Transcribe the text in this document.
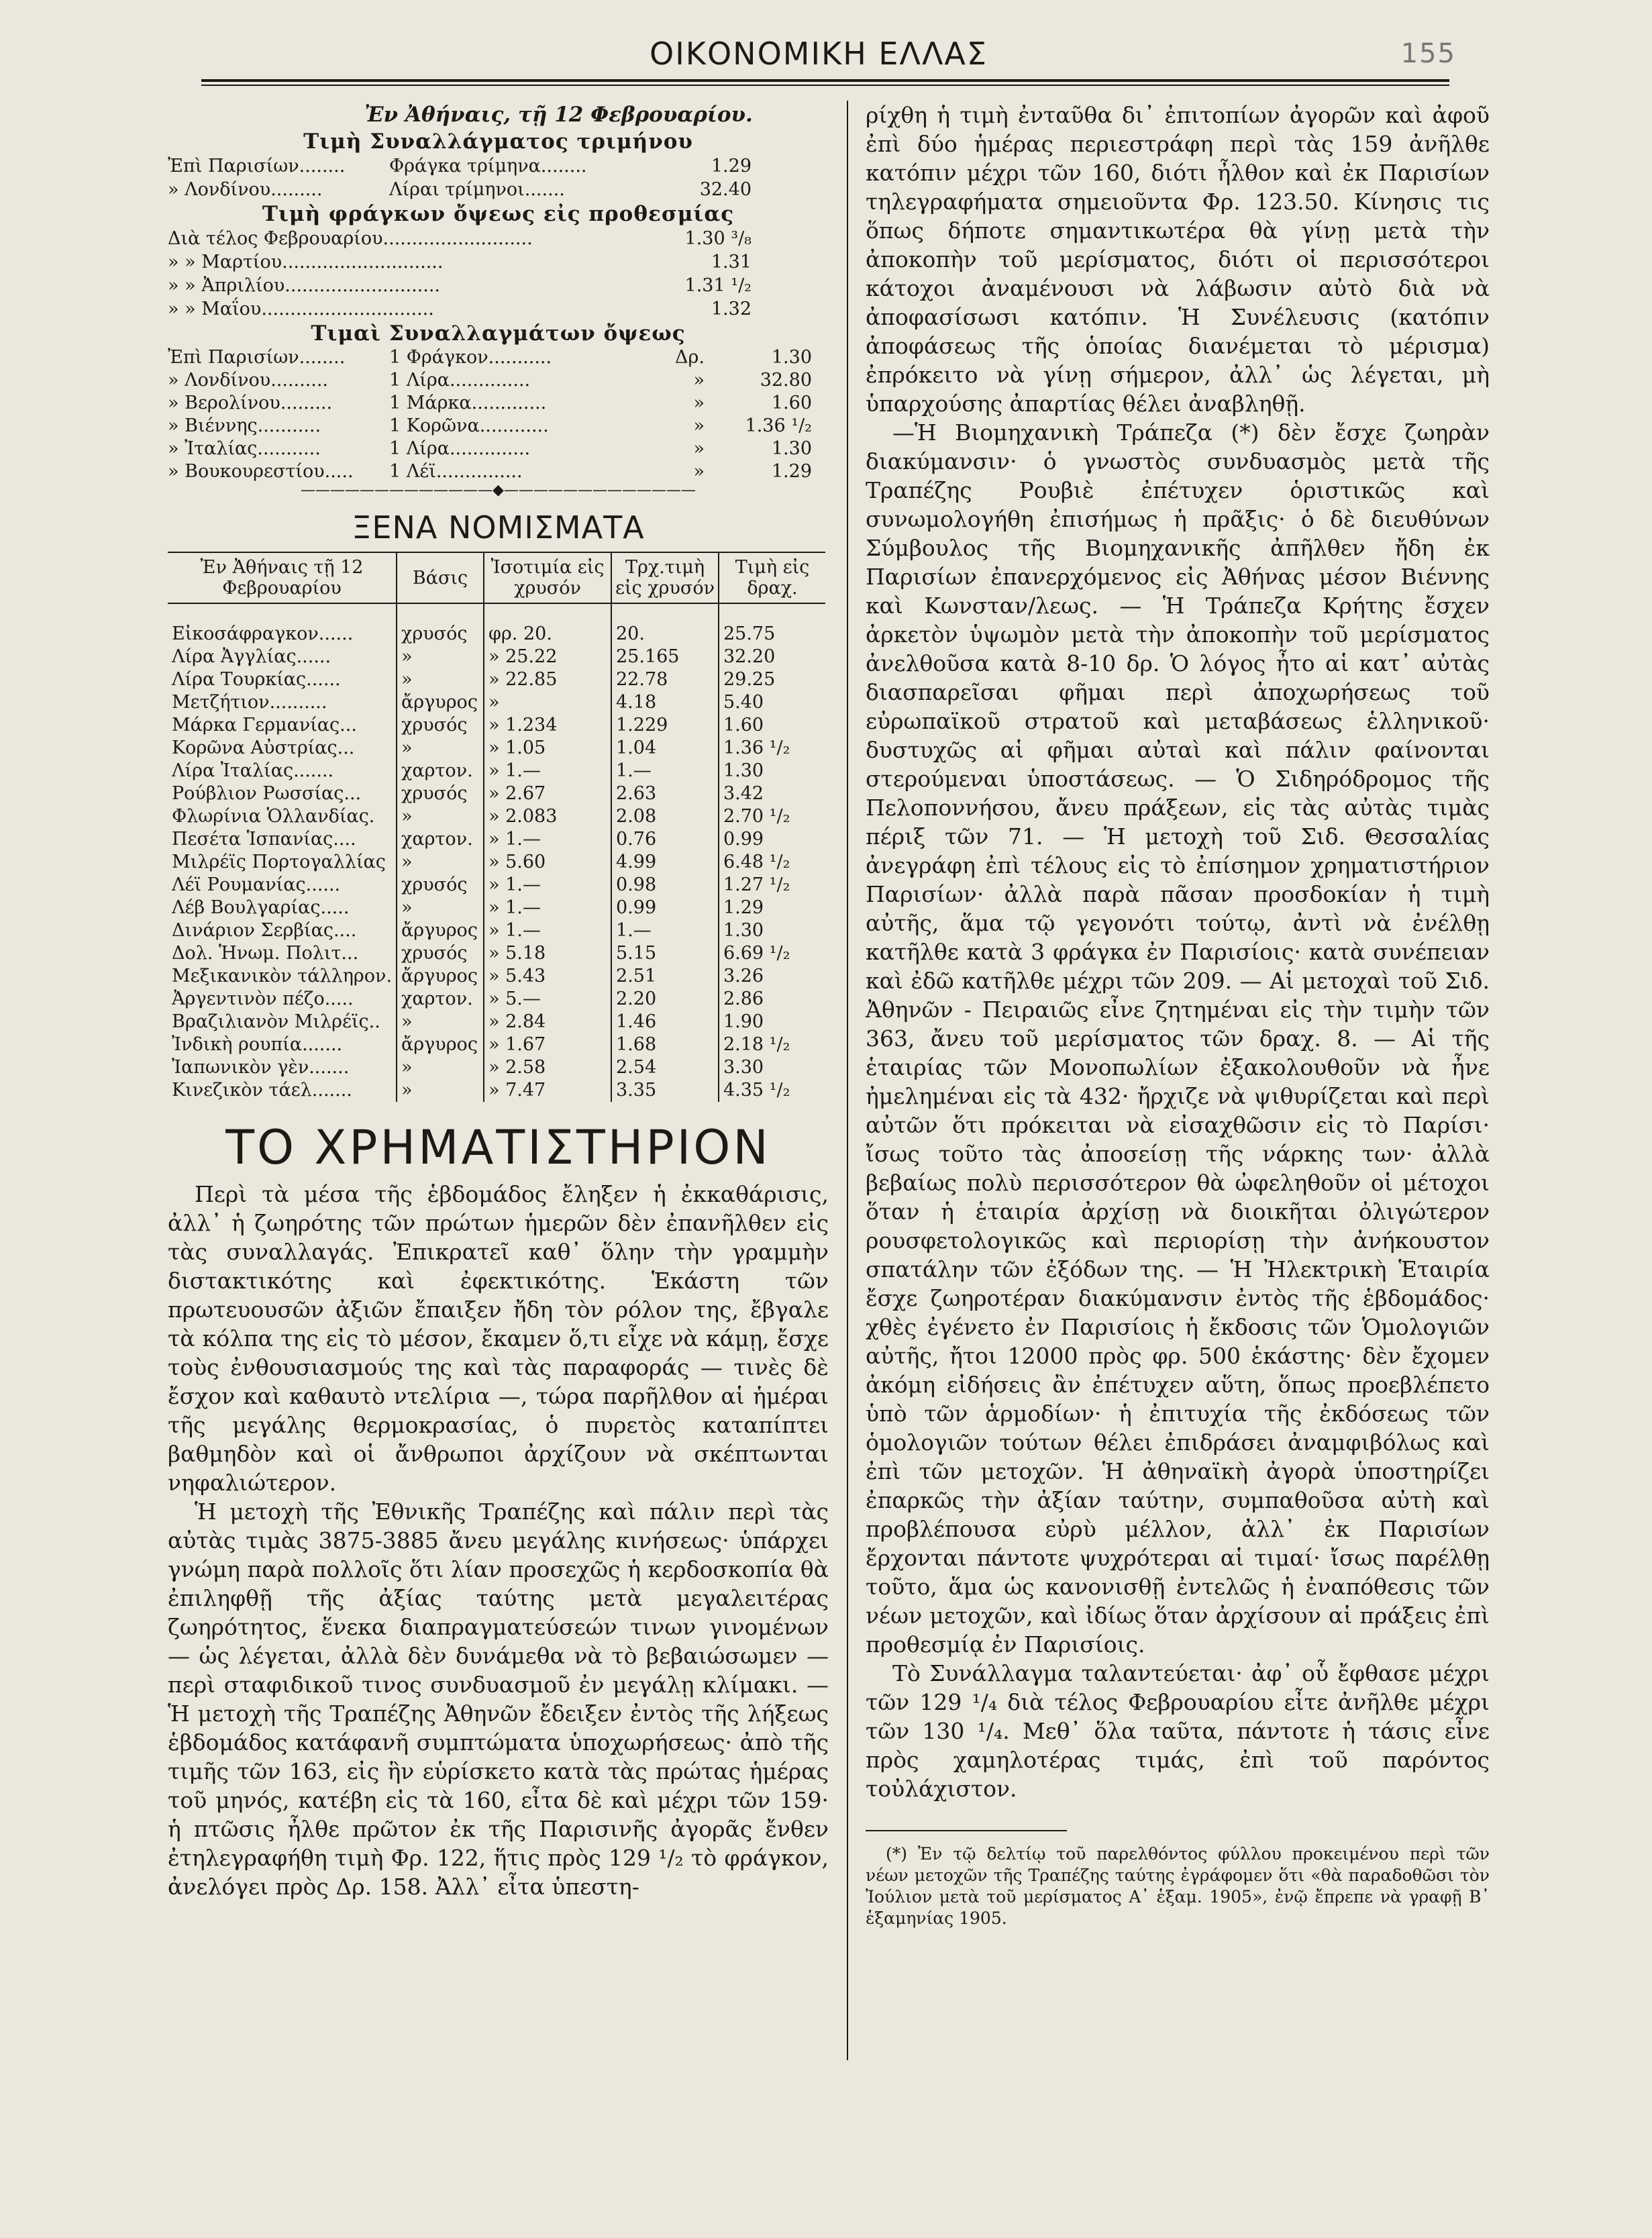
ΟΙΚΟΝΟΜΙΚΗ ΕΛΛΑΣ	155
Ἐν Ἀθήναις, τῇ 12 Φεβρουαρίου.
Τιμὴ Συναλλάγματος τριμήνου
Ἐπὶ Παρισίων........	Φράγκα τρίμηνα........	1.29
» Λονδίνου.........	Λίραι τρίμηνοι.......	32.40
Τιμὴ φράγκων ὄψεως εἰς προθεσμίας
Διὰ τέλος Φεβρουαρίου..........................	1.30 ³/₈
» » Μαρτίου............................	1.31
» » Ἀπριλίου...........................	1.31 ¹/₂
» » Μαΐου..............................	1.32
Τιμαὶ Συναλλαγμάτων ὄψεως
Ἐπὶ Παρισίων........	1 Φράγκον...........	Δρ.	1.30
» Λονδίνου..........	1 Λίρα..............	»	32.80
» Βερολίνου.........	1 Μάρκα.............	»	1.60
» Βιέννης...........	1 Κορῶνα............	»	1.36 ¹/₂
» Ἰταλίας...........	1 Λίρα..............	»	1.30
» Βουκουρεστίου.....	1 Λέϊ...............	»	1.29
—————————————◆—————————————
ΞΕΝΑ ΝΟΜΙΣΜΑΤΑ
Ἐν Ἀθήναις τῇ 12 Φεβρουαρίου	Βάσις	Ἰσοτιμία εἰς χρυσόν	Τρχ.τιμὴ εἰς χρυσόν	Τιμὴ εἰς δραχ.

Εἰκοσάφραγκον......	χρυσός	φρ. 20.	20.	25.75
Λίρα Ἀγγλίας......	»	» 25.22	25.165	32.20
Λίρα Τουρκίας......	»	» 22.85	22.78	29.25
Μετζήτιον..........	ἄργυρος	»	4.18	5.40
Μάρκα Γερμανίας...	χρυσός	» 1.234	1.229	1.60
Κορῶνα Αὐστρίας...	»	» 1.05	1.04	1.36 ¹/₂
Λίρα Ἰταλίας.......	χαρτον.	» 1.—	1.—	1.30
Ρούβλιον Ρωσσίας...	χρυσός	» 2.67	2.63	3.42
Φλωρίνια Ὁλλανδίας.	»	» 2.083	2.08	2.70 ¹/₂
Πεσέτα Ἱσπανίας....	χαρτον.	» 1.—	0.76	0.99
Μιλρέϊς Πορτογαλλίας	»	» 5.60	4.99	6.48 ¹/₂
Λέϊ Ρουμανίας......	χρυσός	» 1.—	0.98	1.27 ¹/₂
Λέβ Βουλγαρίας.....	»	» 1.—	0.99	1.29
Δινάριον Σερβίας....	ἄργυρος	» 1.—	1.—	1.30
Δολ. Ἡνωμ. Πολιτ...	χρυσός	» 5.18	5.15	6.69 ¹/₂
Μεξικανικὸν τάλληρον.	ἄργυρος	» 5.43	2.51	3.26
Ἀργεντινὸν πέζο.....	χαρτον.	» 5.—	2.20	2.86
Βραζιλιανὸν Μιλρέϊς..	»	» 2.84	1.46	1.90
Ἰνδικὴ ρουπία.......	ἄργυρος	» 1.67	1.68	2.18 ¹/₂
Ἰαπωνικὸν γὲν.......	»	» 2.58	2.54	3.30
Κινεζικὸν τάελ.......	»	» 7.47	3.35	4.35 ¹/₂
ΤΟ ΧΡΗΜΑΤΙΣΤΗΡΙΟΝ

Περὶ τὰ μέσα τῆς ἑβδομάδος ἔληξεν ἡ ἐκκαθάρισις, ἀλλ᾽ ἡ ζωηρότης τῶν πρώτων ἡμερῶν δὲν ἐπανῆλθεν εἰς τὰς συναλλαγάς. Ἐπικρατεῖ καθ᾽ ὅλην τὴν γραμμὴν διστακτικότης καὶ ἐφεκτικότης. Ἑκάστη τῶν πρωτευουσῶν ἀξιῶν ἔπαιξεν ἤδη τὸν ρόλον της, ἔβγαλε τὰ κόλπα της εἰς τὸ μέσον, ἔκαμεν ὅ,τι εἶχε νὰ κάμῃ, ἔσχε τοὺς ἐνθουσιασμούς της καὶ τὰς παραφοράς — τινὲς δὲ ἔσχον καὶ καθαυτὸ ντελίρια —, τώρα παρῆλθον αἱ ἡμέραι τῆς μεγάλης θερμοκρασίας, ὁ πυρετὸς καταπίπτει βαθμηδὸν καὶ οἱ ἄνθρωποι ἀρχίζουν νὰ σκέπτωνται νηφαλιώτερον.

Ἡ μετοχὴ τῆς Ἐθνικῆς Τραπέζης καὶ πάλιν περὶ τὰς αὐτὰς τιμὰς 3875-3885 ἄνευ μεγάλης κινήσεως· ὑπάρχει γνώμη παρὰ πολλοῖς ὅτι λίαν προσεχῶς ἡ κερδοσκοπία θὰ ἐπιληφθῇ τῆς ἀξίας ταύτης μετὰ μεγαλειτέρας ζωηρότητος, ἕνεκα διαπραγματεύσεών τινων γινομένων — ὡς λέγεται, ἀλλὰ δὲν δυνάμεθα νὰ τὸ βεβαιώσωμεν — περὶ σταφιδικοῦ τινος συνδυασμοῦ ἐν μεγάλῃ κλίμακι. — Ἡ μετοχὴ τῆς Τραπέζης Ἀθηνῶν ἔδειξεν ἐντὸς τῆς λήξεως ἑβδομάδος κατάφανῆ συμπτώματα ὑποχωρήσεως· ἀπὸ τῆς τιμῆς τῶν 163, εἰς ἣν εὑρίσκετο κατὰ τὰς πρώτας ἡμέρας τοῦ μηνός, κατέβη εἰς τὰ 160, εἶτα δὲ καὶ μέχρι τῶν 159· ἡ πτῶσις ἦλθε πρῶτον ἐκ τῆς Παρισινῆς ἀγορᾶς ἔνθεν ἐτηλεγραφήθη τιμὴ Φρ. 122, ἥτις πρὸς 129 ¹/₂ τὸ φράγκον, ἀνελόγει πρὸς Δρ. 158. Ἀλλ᾽ εἶτα ὑπεστη-

ρίχθη ἡ τιμὴ ἐνταῦθα δι᾽ ἐπιτοπίων ἀγορῶν καὶ ἀφοῦ ἐπὶ δύο ἡμέρας περιεστράφη περὶ τὰς 159 ἀνῆλθε κατόπιν μέχρι τῶν 160, διότι ἦλθον καὶ ἐκ Παρισίων τηλεγραφήματα σημειοῦντα Φρ. 123.50. Κίνησις τις ὅπως δήποτε σημαντικωτέρα θὰ γίνῃ μετὰ τὴν ἀποκοπὴν τοῦ μερίσματος, διότι οἱ περισσότεροι κάτοχοι ἀναμένουσι νὰ λάβωσιν αὐτὸ διὰ νὰ ἀποφασίσωσι κατόπιν. Ἡ Συνέλευσις (κατόπιν ἀποφάσεως τῆς ὁποίας διανέμεται τὸ μέρισμα) ἐπρόκειτο νὰ γίνῃ σήμερον, ἀλλ᾽ ὡς λέγεται, μὴ ὑπαρχούσης ἀπαρτίας θέλει ἀναβληθῇ.

—Ἡ Βιομηχανικὴ Τράπεζα (*) δὲν ἔσχε ζωηρὰν διακύμανσιν· ὁ γνωστὸς συνδυασμὸς μετὰ τῆς Τραπέζης Ρουβιὲ ἐπέτυχεν ὁριστικῶς καὶ συνωμολογήθη ἐπισήμως ἡ πρᾶξις· ὁ δὲ διευθύνων Σύμβουλος τῆς Βιομηχανικῆς ἀπῆλθεν ἤδη ἐκ Παρισίων ἐπανερχόμενος εἰς Ἀθήνας μέσον Βιέννης καὶ Κωνσταν/λεως. — Ἡ Τράπεζα Κρήτης ἔσχεν ἀρκετὸν ὑψωμὸν μετὰ τὴν ἀποκοπὴν τοῦ μερίσματος ἀνελθοῦσα κατὰ 8-10 δρ. Ὁ λόγος ἦτο αἱ κατ᾽ αὐτὰς διασπαρεῖσαι φῆμαι περὶ ἀποχωρήσεως τοῦ εὐρωπαϊκοῦ στρατοῦ καὶ μεταβάσεως ἑλληνικοῦ· δυστυχῶς αἱ φῆμαι αὐταὶ καὶ πάλιν φαίνονται στερούμεναι ὑποστάσεως. — Ὁ Σιδηρόδρομος τῆς Πελοποννήσου, ἄνευ πράξεων, εἰς τὰς αὐτὰς τιμὰς πέριξ τῶν 71. — Ἡ μετοχὴ τοῦ Σιδ. Θεσσαλίας ἀνεγράφη ἐπὶ τέλους εἰς τὸ ἐπίσημον χρηματιστήριον Παρισίων· ἀλλὰ παρὰ πᾶσαν προσδοκίαν ἡ τιμὴ αὐτῆς, ἅμα τῷ γεγονότι τούτῳ, ἀντὶ νὰ ἐνέλθῃ κατῆλθε κατὰ 3 φράγκα ἐν Παρισίοις· κατὰ συνέπειαν καὶ ἐδῶ κατῆλθε μέχρι τῶν 209. — Αἱ μετοχαὶ τοῦ Σιδ. Ἀθηνῶν - Πειραιῶς εἶνε ζητημέναι εἰς τὴν τιμὴν τῶν 363, ἄνευ τοῦ μερίσματος τῶν δραχ. 8. — Αἱ τῆς ἑταιρίας τῶν Μονοπωλίων ἐξακολουθοῦν νὰ ἦνε ἠμελημέναι εἰς τὰ 432· ἤρχιζε νὰ ψιθυρίζεται καὶ περὶ αὐτῶν ὅτι πρόκειται νὰ εἰσαχθῶσιν εἰς τὸ Παρίσι· ἴσως τοῦτο τὰς ἀποσείσῃ τῆς νάρκης των· ἀλλὰ βεβαίως πολὺ περισσότερον θὰ ὠφεληθοῦν οἱ μέτοχοι ὅταν ἡ ἑταιρία ἀρχίσῃ νὰ διοικῆται ὀλιγώτερον ρουσφετολογικῶς καὶ περιορίσῃ τὴν ἀνήκουστον σπατάλην τῶν ἐξόδων της. — Ἡ Ἠλεκτρικὴ Ἑταιρία ἔσχε ζωηροτέραν διακύμανσιν ἐντὸς τῆς ἑβδομάδος· χθὲς ἐγένετο ἐν Παρισίοις ἡ ἔκδοσις τῶν Ὁμολογιῶν αὐτῆς, ἤτοι 12000 πρὸς φρ. 500 ἑκάστης· δὲν ἔχομεν ἀκόμη εἰδήσεις ἂν ἐπέτυχεν αὕτη, ὅπως προεβλέπετο ὑπὸ τῶν ἁρμοδίων· ἡ ἐπιτυχία τῆς ἐκδόσεως τῶν ὁμολογιῶν τούτων θέλει ἐπιδράσει ἀναμφιβόλως καὶ ἐπὶ τῶν μετοχῶν. Ἡ ἀθηναϊκὴ ἀγορὰ ὑποστηρίζει ἐπαρκῶς τὴν ἀξίαν ταύτην, συμπαθοῦσα αὐτὴ καὶ προβλέπουσα εὐρὺ μέλλον, ἀλλ᾽ ἐκ Παρισίων ἔρχονται πάντοτε ψυχρότεραι αἱ τιμαί· ἴσως παρέλθῃ τοῦτο, ἅμα ὡς κανονισθῇ ἐντελῶς ἡ ἐναπόθεσις τῶν νέων μετοχῶν, καὶ ἰδίως ὅταν ἀρχίσουν αἱ πράξεις ἐπὶ προθεσμίᾳ ἐν Παρισίοις.

Τὸ Συνάλλαγμα ταλαντεύεται· ἀφ᾽ οὗ ἔφθασε μέχρι τῶν 129 ¹/₄ διὰ τέλος Φεβρουαρίου εἶτε ἀνῆλθε μέχρι τῶν 130 ¹/₄. Μεθ᾽ ὅλα ταῦτα, πάντοτε ἡ τάσις εἶνε πρὸς χαμηλοτέρας τιμάς, ἐπὶ τοῦ παρόντος τοὐλάχιστον.

(*) Ἐν τῷ δελτίῳ τοῦ παρελθόντος φύλλου προκειμένου περὶ τῶν νέων μετοχῶν τῆς Τραπέζης ταύτης ἐγράφομεν ὅτι «θὰ παραδοθῶσι τὸν Ἰούλιον μετὰ τοῦ μερίσματος Α᾽ ἑξαμ. 1905», ἐνῷ ἔπρεπε νὰ γραφῇ Β᾽ ἑξαμηνίας 1905.
